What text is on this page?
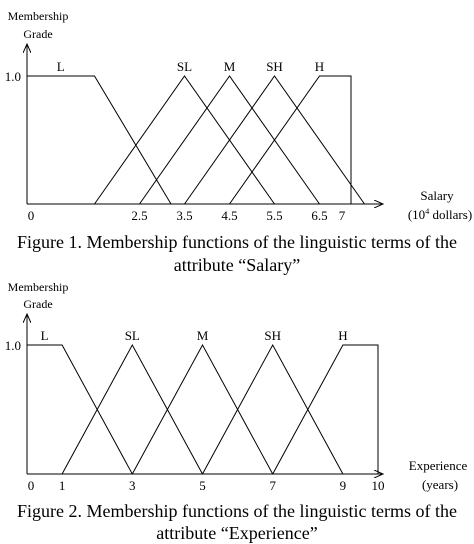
Membership
Grade
1.0
0	2.5 3.5 4.5 5.5 6.5 7
L	SL M SH H
Salary
($10^4$ dollars)
Membership
Grade
1.0
0 1	3	5	7	9 10
L	SL	M	SH	H
Experience
(years)
Figure 1. Membership functions of the linguistic terms of the
attribute “Salary”
Figure 2. Membership functions of the linguistic terms of the
attribute “Experience”
